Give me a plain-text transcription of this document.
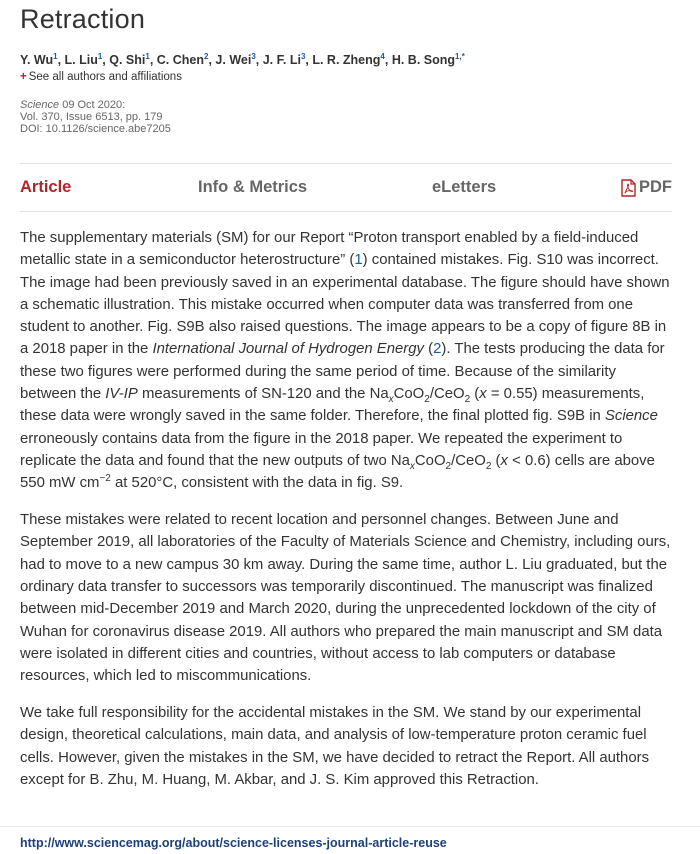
Retraction
Y. Wu$^1$, L. Liu$^1$, Q. Shi$^1$, C. Chen$^2$, J. Wei$^3$, J. F. Li$^3$, L. R. Zheng$^4$, H. B. Song$^{1,*}$
+ See all authors and affiliations
Science 09 Oct 2020:
Vol. 370, Issue 6513, pp. 179
DOI: 10.1126/science.abe7205
Article	Info & Metrics	eLetters	PDF

The supplementary materials (SM) for our Report “Proton transport enabled by a field-induced metallic state in a semiconductor heterostructure” (1) contained mistakes. Fig. S10 was incorrect. The image had been previously saved in an experimental database. The figure should have shown a schematic illustration. This mistake occurred when computer data was transferred from one student to another. Fig. S9B also raised questions. The image appears to be a copy of figure 8B in a 2018 paper in the International Journal of Hydrogen Energy (2). The tests producing the data for these two figures were performed during the same period of time. Because of the similarity between the IV-IP measurements of SN-120 and the $Na_xCoO_2/CeO_2$ (x = 0.55) measurements, these data were wrongly saved in the same folder. Therefore, the final plotted fig. S9B in Science erroneously contains data from the figure in the 2018 paper. We repeated the experiment to replicate the data and found that the new outputs of two $Na_xCoO_2/CeO_2$ (x < 0.6) cells are above 550 mW $cm^{-2}$ at 520°C, consistent with the data in fig. S9.

These mistakes were related to recent location and personnel changes. Between June and September 2019, all laboratories of the Faculty of Materials Science and Chemistry, including ours, had to move to a new campus 30 km away. During the same time, author L. Liu graduated, but the ordinary data transfer to successors was temporarily discontinued. The manuscript was finalized between mid-December 2019 and March 2020, during the unprecedented lockdown of the city of Wuhan for coronavirus disease 2019. All authors who prepared the main manuscript and SM data were isolated in different cities and countries, without access to lab computers or database resources, which led to miscommunications.

We take full responsibility for the accidental mistakes in the SM. We stand by our experimental design, theoretical calculations, main data, and analysis of low-temperature proton ceramic fuel cells. However, given the mistakes in the SM, we have decided to retract the Report. All authors except for B. Zhu, M. Huang, M. Akbar, and J. S. Kim approved this Retraction.

http://www.sciencemag.org/about/science-licenses-journal-article-reuse
